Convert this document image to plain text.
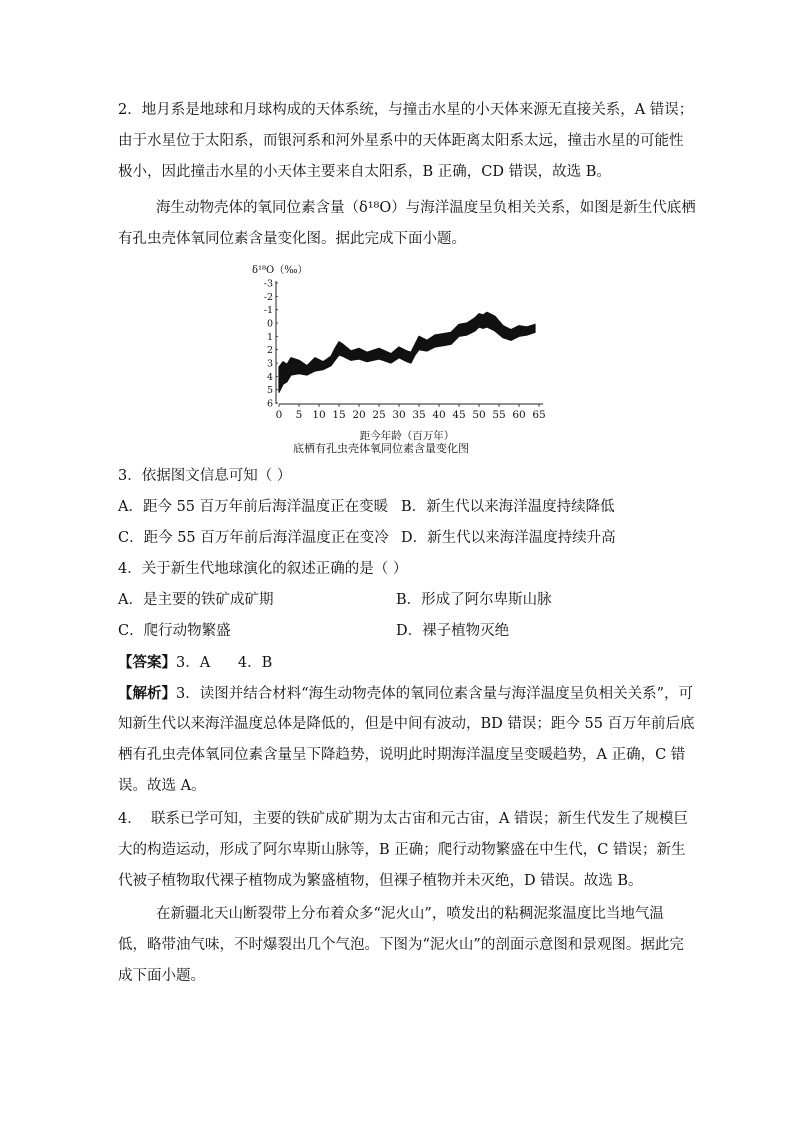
2．地月系是地球和月球构成的天体系统，与撞击水星的小天体来源无直接关系，A 错误；
由于水星位于太阳系，而银河系和河外星系中的天体距离太阳系太远，撞击水星的可能性
极小，因此撞击水星的小天体主要来自太阳系，B 正确，CD 错误，故选 B。
海生动物壳体的氧同位素含量（δ¹⁸O）与海洋温度呈负相关关系，如图是新生代底栖
有孔虫壳体氧同位素含量变化图。据此完成下面小题。
δ¹⁸O（‰）
-3
-2
-1
0
1
2
3
4
5
6
0 5 10 15 20 25 30 35 40 45 50 55 60 65
距今年龄（百万年）
底栖有孔虫壳体氧同位素含量变化图
3．依据图文信息可知（ ）
A．距今 55 百万年前后海洋温度正在变暖 B．新生代以来海洋温度持续降低
C．距今 55 百万年前后海洋温度正在变冷 D．新生代以来海洋温度持续升高
4．关于新生代地球演化的叙述正确的是（ ）
A．是主要的铁矿成矿期	B．形成了阿尔卑斯山脉
C．爬行动物繁盛	D．裸子植物灭绝
【答案】3．A      4．B
【解析】3．读图并结合材料“海生动物壳体的氧同位素含量与海洋温度呈负相关关系”，可
知新生代以来海洋温度总体是降低的，但是中间有波动，BD 错误；距今 55 百万年前后底
栖有孔虫壳体氧同位素含量呈下降趋势，说明此时期海洋温度呈变暖趋势，A 正确，C 错
误。故选 A。
4．  联系已学可知，主要的铁矿成矿期为太古宙和元古宙，A 错误；新生代发生了规模巨
大的构造运动，形成了阿尔卑斯山脉等，B 正确；爬行动物繁盛在中生代，C 错误；新生
代被子植物取代裸子植物成为繁盛植物，但裸子植物并未灭绝，D 错误。故选 B。
在新疆北天山断裂带上分布着众多“泥火山”，喷发出的粘稠泥浆温度比当地气温
低，略带油气味，不时爆裂出几个气泡。下图为“泥火山”的剖面示意图和景观图。据此完
成下面小题。
